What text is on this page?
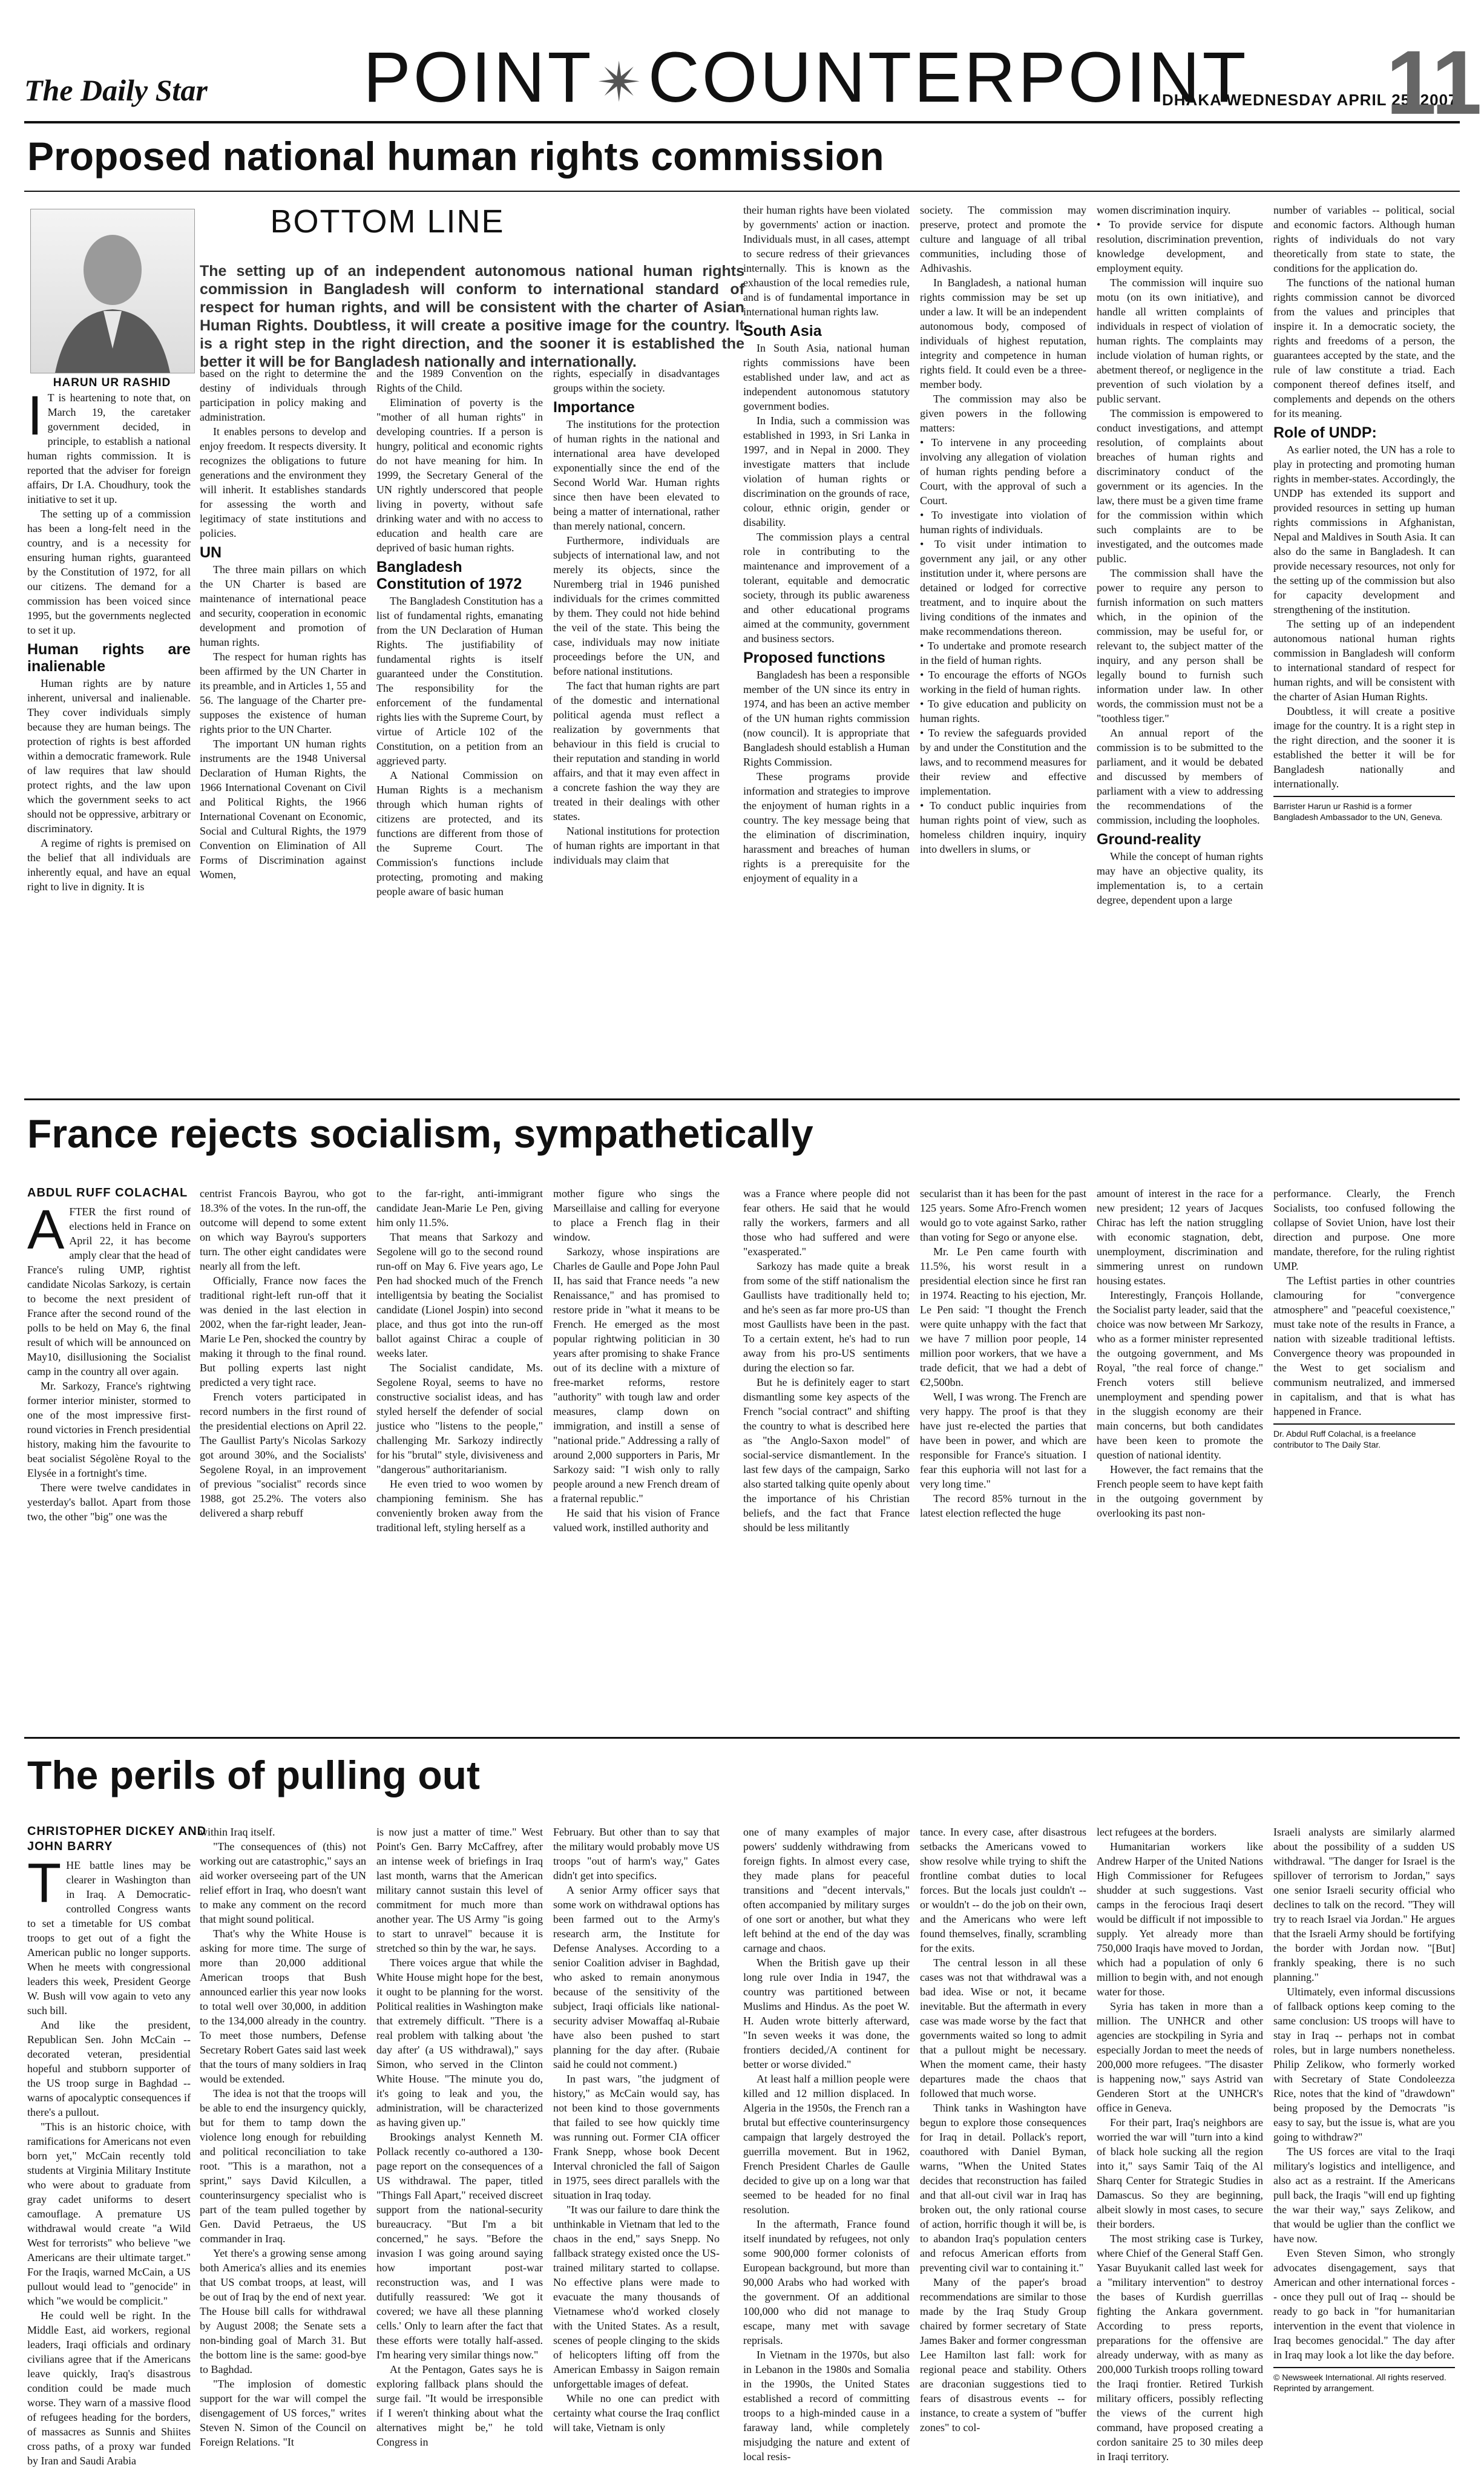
The Daily Star POINT✴COUNTERPOINT
DHAKA WEDNESDAY APRIL 25, 2007
11
Proposed national human rights commission
HARUN UR RASHID
BOTTOM LINE
The setting up of an independent autonomous national human rights commission in Bangladesh will conform to international standard of respect for human rights, and will be consistent with the charter of Asian Human Rights. Doubtless, it will create a positive image for the country. It is a right step in the right direction, and the sooner it is established the better it will be for Bangladesh nationally and internationally.
I T is heartening to note that, on March 19, the caretaker government decided, in principle, to establish a national human rights commission. It is reported that the adviser for foreign affairs, Dr I.A. Choudhury, took the initiative to set it up.

The setting up of a commission has been a long-felt need in the country, and is a necessity for ensuring human rights, guaranteed by the Constitution of 1972, for all our citizens. The demand for a commission has been voiced since 1995, but the governments neglected to set it up.

Human rights are inalienable

Human rights are by nature inherent, universal and inalienable. They cover individuals simply because they are human beings. The protection of rights is best afforded within a democratic framework. Rule of law requires that law should protect rights, and the law upon which the government seeks to act should not be oppressive, arbitrary or discriminatory.

A regime of rights is premised on the belief that all individuals are inherently equal, and have an equal right to live in dignity. It is

based on the right to determine the destiny of individuals through participation in policy making and administration.

It enables persons to develop and enjoy freedom. It respects diversity. It recognizes the obligations to future generations and the environment they will inherit. It establishes standards for assessing the worth and legitimacy of state institutions and policies.

UN

The three main pillars on which the UN Charter is based are maintenance of international peace and security, cooperation in economic development and promotion of human rights.

The respect for human rights has been affirmed by the UN Charter in its preamble, and in Articles 1, 55 and 56. The language of the Charter pre-supposes the existence of human rights prior to the UN Charter.

The important UN human rights instruments are the 1948 Universal Declaration of Human Rights, the 1966 International Covenant on Civil and Political Rights, the 1966 International Covenant on Economic, Social and Cultural Rights, the 1979 Convention on Elimination of All Forms of Discrimination against Women,

and the 1989 Convention on the Rights of the Child.

Elimination of poverty is the "mother of all human rights" in developing countries. If a person is hungry, political and economic rights do not have meaning for him. In 1999, the Secretary General of the UN rightly underscored that people living in poverty, without safe drinking water and with no access to education and health care are deprived of basic human rights.

Bangladesh Constitution of 1972

The Bangladesh Constitution has a list of fundamental rights, emanating from the UN Declaration of Human Rights. The justifiability of fundamental rights is itself guaranteed under the Constitution. The responsibility for the enforcement of the fundamental rights lies with the Supreme Court, by virtue of Article 102 of the Constitution, on a petition from an aggrieved party.

A National Commission on Human Rights is a mechanism through which human rights of citizens are protected, and its functions are different from those of the Supreme Court. The Commission's functions include protecting, promoting and making people aware of basic human

rights, especially in disadvantages groups within the society.

Importance

The institutions for the protection of human rights in the national and international area have developed exponentially since the end of the Second World War. Human rights since then have been elevated to being a matter of international, rather than merely national, concern.

Furthermore, individuals are subjects of international law, and not merely its objects, since the Nuremberg trial in 1946 punished individuals for the crimes committed by them. They could not hide behind the veil of the state. This being the case, individuals may now initiate proceedings before the UN, and before national institutions.

The fact that human rights are part of the domestic and international political agenda must reflect a realization by governments that behaviour in this field is crucial to their reputation and standing in world affairs, and that it may even affect in a concrete fashion the way they are treated in their dealings with other states.

National institutions for protection of human rights are important in that individuals may claim that

their human rights have been violated by governments' action or inaction. Individuals must, in all cases, attempt to secure redress of their grievances internally. This is known as the exhaustion of the local remedies rule, and is of fundamental importance in international human rights law.

South Asia

In South Asia, national human rights commissions have been established under law, and act as independent autonomous statutory government bodies.

In India, such a commission was established in 1993, in Sri Lanka in 1997, and in Nepal in 2000. They investigate matters that include violation of human rights or discrimination on the grounds of race, colour, ethnic origin, gender or disability.

The commission plays a central role in contributing to the maintenance and improvement of a tolerant, equitable and democratic society, through its public awareness and other educational programs aimed at the community, government and business sectors.

Proposed functions

Bangladesh has been a responsible member of the UN since its entry in 1974, and has been an active member of the UN human rights commission (now council). It is appropriate that Bangladesh should establish a Human Rights Commission.

These programs provide information and strategies to improve the enjoyment of human rights in a country. The key message being that the elimination of discrimination, harassment and breaches of human rights is a prerequisite for the enjoyment of equality in a

society. The commission may preserve, protect and promote the culture and language of all tribal communities, including those of Adhivashis.

In Bangladesh, a national human rights commission may be set up under a law. It will be an independent autonomous body, composed of individuals of highest reputation, integrity and competence in human rights field. It could even be a three-member body.

The commission may also be given powers in the following matters:

• To intervene in any proceeding involving any allegation of violation of human rights pending before a Court, with the approval of such a Court.

• To investigate into violation of human rights of individuals.

• To visit under intimation to government any jail, or any other institution under it, where persons are detained or lodged for corrective treatment, and to inquire about the living conditions of the inmates and make recommendations thereon.

• To undertake and promote research in the field of human rights.

• To encourage the efforts of NGOs working in the field of human rights.

• To give education and publicity on human rights.

• To review the safeguards provided by and under the Constitution and the laws, and to recommend measures for their review and effective implementation.

• To conduct public inquiries from human rights point of view, such as homeless children inquiry, inquiry into dwellers in slums, or

women discrimination inquiry.

• To provide service for dispute resolution, discrimination prevention, knowledge development, and employment equity.

The commission will inquire suo motu (on its own initiative), and handle all written complaints of individuals in respect of violation of human rights. The complaints may include violation of human rights, or abetment thereof, or negligence in the prevention of such violation by a public servant.

The commission is empowered to conduct investigations, and attempt resolution, of complaints about breaches of human rights and discriminatory conduct of the government or its agencies. In the law, there must be a given time frame for the commission within which such complaints are to be investigated, and the outcomes made public.

The commission shall have the power to require any person to furnish information on such matters which, in the opinion of the commission, may be useful for, or relevant to, the subject matter of the inquiry, and any person shall be legally bound to furnish such information under law. In other words, the commission must not be a "toothless tiger."

An annual report of the commission is to be submitted to the parliament, and it would be debated and discussed by members of parliament with a view to addressing the recommendations of the commission, including the loopholes.

Ground-reality

While the concept of human rights may have an objective quality, its implementation is, to a certain degree, dependent upon a large

number of variables -- political, social and economic factors. Although human rights of individuals do not vary theoretically from state to state, the conditions for the application do.

The functions of the national human rights commission cannot be divorced from the values and principles that inspire it. In a democratic society, the rights and freedoms of a person, the guarantees accepted by the state, and the rule of law constitute a triad. Each component thereof defines itself, and complements and depends on the others for its meaning.

Role of UNDP:

As earlier noted, the UN has a role to play in protecting and promoting human rights in member-states. Accordingly, the UNDP has extended its support and provided resources in setting up human rights commissions in Afghanistan, Nepal and Maldives in South Asia. It can also do the same in Bangladesh. It can provide necessary resources, not only for the setting up of the commission but also for capacity development and strengthening of the institution.

The setting up of an independent autonomous national human rights commission in Bangladesh will conform to international standard of respect for human rights, and will be consistent with the charter of Asian Human Rights.

Doubtless, it will create a positive image for the country. It is a right step in the right direction, and the sooner it is established the better it will be for Bangladesh nationally and internationally.

Barrister Harun ur Rashid is a former Bangladesh Ambassador to the UN, Geneva.
France rejects socialism, sympathetically
ABDUL RUFF COLACHAL
A FTER the first round of elections held in France on April 22, it has become amply clear that the head of France's ruling UMP, rightist candidate Nicolas Sarkozy, is certain to become the next president of France after the second round of the polls to be held on May 6, the final result of which will be announced on May10, disillusioning the Socialist camp in the country all over again.

Mr. Sarkozy, France's rightwing former interior minister, stormed to one of the most impressive first-round victories in French presidential history, making him the favourite to beat socialist Ségolène Royal to the Elysée in a fortnight's time.

There were twelve candidates in yesterday's ballot. Apart from those two, the other "big" one was the

centrist Francois Bayrou, who got 18.3% of the votes. In the run-off, the outcome will depend to some extent on which way Bayrou's supporters turn. The other eight candidates were nearly all from the left.

Officially, France now faces the traditional right-left run-off that it was denied in the last election in 2002, when the far-right leader, Jean-Marie Le Pen, shocked the country by making it through to the final round. But polling experts last night predicted a very tight race.

French voters participated in record numbers in the first round of the presidential elections on April 22. The Gaullist Party's Nicolas Sarkozy got around 30%, and the Socialists' Segolene Royal, in an improvement of previous "socialist" records since 1988, got 25.2%. The voters also delivered a sharp rebuff

to the far-right, anti-immigrant candidate Jean-Marie Le Pen, giving him only 11.5%.

That means that Sarkozy and Segolene will go to the second round run-off on May 6. Five years ago, Le Pen had shocked much of the French intelligentsia by beating the Socialist candidate (Lionel Jospin) into second place, and thus got into the run-off ballot against Chirac a couple of weeks later.

The Socialist candidate, Ms. Segolene Royal, seems to have no constructive socialist ideas, and has styled herself the defender of social justice who "listens to the people," challenging Mr. Sarkozy indirectly for his "brutal" style, divisiveness and "dangerous" authoritarianism.

He even tried to woo women by championing feminism. She has conveniently broken away from the traditional left, styling herself as a

mother figure who sings the Marseillaise and calling for everyone to place a French flag in their window.

Sarkozy, whose inspirations are Charles de Gaulle and Pope John Paul II, has said that France needs "a new Renaissance," and has promised to restore pride in "what it means to be French. He emerged as the most popular rightwing politician in 30 years after promising to shake France out of its decline with a mixture of free-market reforms, restore "authority" with tough law and order measures, clamp down on immigration, and instill a sense of "national pride." Addressing a rally of around 2,000 supporters in Paris, Mr Sarkozy said: "I wish only to rally people around a new French dream of a fraternal republic."

He said that his vision of France valued work, instilled authority and

was a France where people did not fear others. He said that he would rally the workers, farmers and all those who had suffered and were "exasperated."

Sarkozy has made quite a break from some of the stiff nationalism the Gaullists have traditionally held to; and he's seen as far more pro-US than most Gaullists have been in the past. To a certain extent, he's had to run away from his pro-US sentiments during the election so far.

But he is definitely eager to start dismantling some key aspects of the French "social contract" and shifting the country to what is described here as "the Anglo-Saxon model" of social-service dismantlement. In the last few days of the campaign, Sarko also started talking quite openly about the importance of his Christian beliefs, and the fact that France should be less militantly

secularist than it has been for the past 125 years. Some Afro-French women would go to vote against Sarko, rather than voting for Sego or anyone else.

Mr. Le Pen came fourth with 11.5%, his worst result in a presidential election since he first ran in 1974. Reacting to his ejection, Mr. Le Pen said: "I thought the French were quite unhappy with the fact that we have 7 million poor people, 14 million poor workers, that we have a trade deficit, that we had a debt of €2,500bn.

Well, I was wrong. The French are very happy. The proof is that they have just re-elected the parties that have been in power, and which are responsible for France's situation. I fear this euphoria will not last for a very long time."

The record 85% turnout in the latest election reflected the huge

amount of interest in the race for a new president; 12 years of Jacques Chirac has left the nation struggling with economic stagnation, debt, unemployment, discrimination and simmering unrest on rundown housing estates.

Interestingly, François Hollande, the Socialist party leader, said that the choice was now between Mr Sarkozy, who as a former minister represented the outgoing government, and Ms Royal, "the real force of change." French voters still believe unemployment and spending power in the sluggish economy are their main concerns, but both candidates have been keen to promote the question of national identity.

However, the fact remains that the French people seem to have kept faith in the outgoing government by overlooking its past non-

performance. Clearly, the French Socialists, too confused following the collapse of Soviet Union, have lost their direction and purpose. One more mandate, therefore, for the ruling rightist UMP.

The Leftist parties in other countries clamouring for "convergence atmosphere" and "peaceful coexistence," must take note of the results in France, a nation with sizeable traditional leftists. Convergence theory was propounded in the West to get socialism and communism neutralized, and immersed in capitalism, and that is what has happened in France.

Dr. Abdul Ruff Colachal, is a freelance contributor to The Daily Star.
The perils of pulling out
CHRISTOPHER DICKEY AND
JOHN BARRY
T HE battle lines may be clearer in Washington than in Iraq. A Democratic-controlled Congress wants to set a timetable for US combat troops to get out of a fight the American public no longer supports. When he meets with congressional leaders this week, President George W. Bush will vow again to veto any such bill.

And like the president, Republican Sen. John McCain -- decorated veteran, presidential hopeful and stubborn supporter of the US troop surge in Baghdad -- warns of apocalyptic consequences if there's a pullout.

"This is an historic choice, with ramifications for Americans not even born yet," McCain recently told students at Virginia Military Institute who were about to graduate from gray cadet uniforms to desert camouflage. A premature US withdrawal would create "a Wild West for terrorists" who believe "we Americans are their ultimate target." For the Iraqis, warned McCain, a US pullout would lead to "genocide" in which "we would be complicit."

He could well be right. In the Middle East, aid workers, regional leaders, Iraqi officials and ordinary civilians agree that if the Americans leave quickly, Iraq's disastrous condition could be made much worse. They warn of a massive flood of refugees heading for the borders, of massacres as Sunnis and Shiites cross paths, of a proxy war funded by Iran and Saudi Arabia

within Iraq itself.

"The consequences of (this) not working out are catastrophic," says an aid worker overseeing part of the UN relief effort in Iraq, who doesn't want to make any comment on the record that might sound political.

That's why the White House is asking for more time. The surge of more than 20,000 additional American troops that Bush announced earlier this year now looks to total well over 30,000, in addition to the 134,000 already in the country. To meet those numbers, Defense Secretary Robert Gates said last week that the tours of many soldiers in Iraq would be extended.

The idea is not that the troops will be able to end the insurgency quickly, but for them to tamp down the violence long enough for rebuilding and political reconciliation to take root. "This is a marathon, not a sprint," says David Kilcullen, a counterinsurgency specialist who is part of the team pulled together by Gen. David Petraeus, the US commander in Iraq.

Yet there's a growing sense among both America's allies and its enemies that US combat troops, at least, will be out of Iraq by the end of next year. The House bill calls for withdrawal by August 2008; the Senate sets a non-binding goal of March 31. But the bottom line is the same: good-bye to Baghdad.

"The implosion of domestic support for the war will compel the disengagement of US forces," writes Steven N. Simon of the Council on Foreign Relations. "It

is now just a matter of time." West Point's Gen. Barry McCaffrey, after an intense week of briefings in Iraq last month, warns that the American military cannot sustain this level of commitment for much more than another year. The US Army "is going to start to unravel" because it is stretched so thin by the war, he says.

There voices argue that while the White House might hope for the best, it ought to be planning for the worst. Political realities in Washington make that extremely difficult. "There is a real problem with talking about 'the day after' (a US withdrawal)," says Simon, who served in the Clinton White House. "The minute you do, it's going to leak and you, the administration, will be characterized as having given up."

Brookings analyst Kenneth M. Pollack recently co-authored a 130-page report on the consequences of a US withdrawal. The paper, titled "Things Fall Apart," received discreet support from the national-security bureaucracy. "But I'm a bit concerned," he says. "Before the invasion I was going around saying how important post-war reconstruction was, and I was dutifully reassured: 'We got it covered; we have all these planning cells.' Only to learn after the fact that these efforts were totally half-assed. I'm hearing very similar things now."

At the Pentagon, Gates says he is exploring fallback plans should the surge fail. "It would be irresponsible if I weren't thinking about what the alternatives might be," he told Congress in

February. But other than to say that the military would probably move US troops "out of harm's way," Gates didn't get into specifics.

A senior Army officer says that some work on withdrawal options has been farmed out to the Army's research arm, the Institute for Defense Analyses. According to a senior Coalition adviser in Baghdad, who asked to remain anonymous because of the sensitivity of the subject, Iraqi officials like national-security adviser Mowaffaq al-Rubaie have also been pushed to start planning for the day after. (Rubaie said he could not comment.)

In past wars, "the judgment of history," as McCain would say, has not been kind to those governments that failed to see how quickly time was running out. Former CIA officer Frank Snepp, whose book Decent Interval chronicled the fall of Saigon in 1975, sees direct parallels with the situation in Iraq today.

"It was our failure to dare think the unthinkable in Vietnam that led to the chaos in the end," says Snepp. No fallback strategy existed once the US-trained military started to collapse. No effective plans were made to evacuate the many thousands of Vietnamese who'd worked closely with the United States. As a result, scenes of people clinging to the skids of helicopters lifting off from the American Embassy in Saigon remain unforgettable images of defeat.

While no one can predict with certainty what course the Iraq conflict will take, Vietnam is only

one of many examples of major powers' suddenly withdrawing from foreign fights. In almost every case, they made plans for peaceful transitions and "decent intervals," often accompanied by military surges of one sort or another, but what they left behind at the end of the day was carnage and chaos.

When the British gave up their long rule over India in 1947, the country was partitioned between Muslims and Hindus. As the poet W. H. Auden wrote bitterly afterward, "In seven weeks it was done, the frontiers decided,/A continent for better or worse divided."

At least half a million people were killed and 12 million displaced. In Algeria in the 1950s, the French ran a brutal but effective counterinsurgency campaign that largely destroyed the guerrilla movement. But in 1962, French President Charles de Gaulle decided to give up on a long war that seemed to be headed for no final resolution.

In the aftermath, France found itself inundated by refugees, not only some 900,000 former colonists of European background, but more than 90,000 Arabs who had worked with the government. Of an additional 100,000 who did not manage to escape, many met with savage reprisals.

In Vietnam in the 1970s, but also in Lebanon in the 1980s and Somalia in the 1990s, the United States established a record of committing troops to a high-minded cause in a faraway land, while completely misjudging the nature and extent of local resis-

tance. In every case, after disastrous setbacks the Americans vowed to show resolve while trying to shift the frontline combat duties to local forces. But the locals just couldn't -- or wouldn't -- do the job on their own, and the Americans who were left found themselves, finally, scrambling for the exits.

The central lesson in all these cases was not that withdrawal was a bad idea. Wise or not, it became inevitable. But the aftermath in every case was made worse by the fact that governments waited so long to admit that a pullout might be necessary. When the moment came, their hasty departures made the chaos that followed that much worse.

Think tanks in Washington have begun to explore those consequences for Iraq in detail. Pollack's report, coauthored with Daniel Byman, warns, "When the United States decides that reconstruction has failed and that all-out civil war in Iraq has broken out, the only rational course of action, horrific though it will be, is to abandon Iraq's population centers and refocus American efforts from preventing civil war to containing it."

Many of the paper's broad recommendations are similar to those made by the Iraq Study Group chaired by former secretary of State James Baker and former congressman Lee Hamilton last fall: work for regional peace and stability. Others are draconian suggestions tied to fears of disastrous events -- for instance, to create a system of "buffer zones" to col-

lect refugees at the borders.

Humanitarian workers like Andrew Harper of the United Nations High Commissioner for Refugees shudder at such suggestions. Vast camps in the ferocious Iraqi desert would be difficult if not impossible to supply. Yet already more than 750,000 Iraqis have moved to Jordan, which had a population of only 6 million to begin with, and not enough water for those.

Syria has taken in more than a million. The UNHCR and other agencies are stockpiling in Syria and especially Jordan to meet the needs of 200,000 more refugees. "The disaster is happening now," says Astrid van Genderen Stort at the UNHCR's office in Geneva.

For their part, Iraq's neighbors are worried the war will "turn into a kind of black hole sucking all the region into it," says Samir Taiq of the Al Sharq Center for Strategic Studies in Damascus. So they are beginning, albeit slowly in most cases, to secure their borders.

The most striking case is Turkey, where Chief of the General Staff Gen. Yasar Buyukanit called last week for a "military intervention" to destroy the bases of Kurdish guerrillas fighting the Ankara government. According to press reports, preparations for the offensive are already underway, with as many as 200,000 Turkish troops rolling toward the Iraqi frontier. Retired Turkish military officers, possibly reflecting the views of the current high command, have proposed creating a cordon sanitaire 25 to 30 miles deep in Iraqi territory.

Israeli analysts are similarly alarmed about the possibility of a sudden US withdrawal. "The danger for Israel is the spillover of terrorism to Jordan," says one senior Israeli security official who declines to talk on the record. "They will try to reach Israel via Jordan." He argues that the Israeli Army should be fortifying the border with Jordan now. "[But] frankly speaking, there is no such planning."

Ultimately, even informal discussions of fallback options keep coming to the same conclusion: US troops will have to stay in Iraq -- perhaps not in combat roles, but in large numbers nonetheless. Philip Zelikow, who formerly worked with Secretary of State Condoleezza Rice, notes that the kind of "drawdown" being proposed by the Democrats "is easy to say, but the issue is, what are you going to withdraw?"

The US forces are vital to the Iraqi military's logistics and intelligence, and also act as a restraint. If the Americans pull back, the Iraqis "will end up fighting the war their way," says Zelikow, and that would be uglier than the conflict we have now.

Even Steven Simon, who strongly advocates disengagement, says that American and other international forces -- once they pull out of Iraq -- should be ready to go back in "for humanitarian intervention in the event that violence in Iraq becomes genocidal." The day after in Iraq may look a lot like the day before.

© Newsweek International. All rights reserved. Reprinted by arrangement.
